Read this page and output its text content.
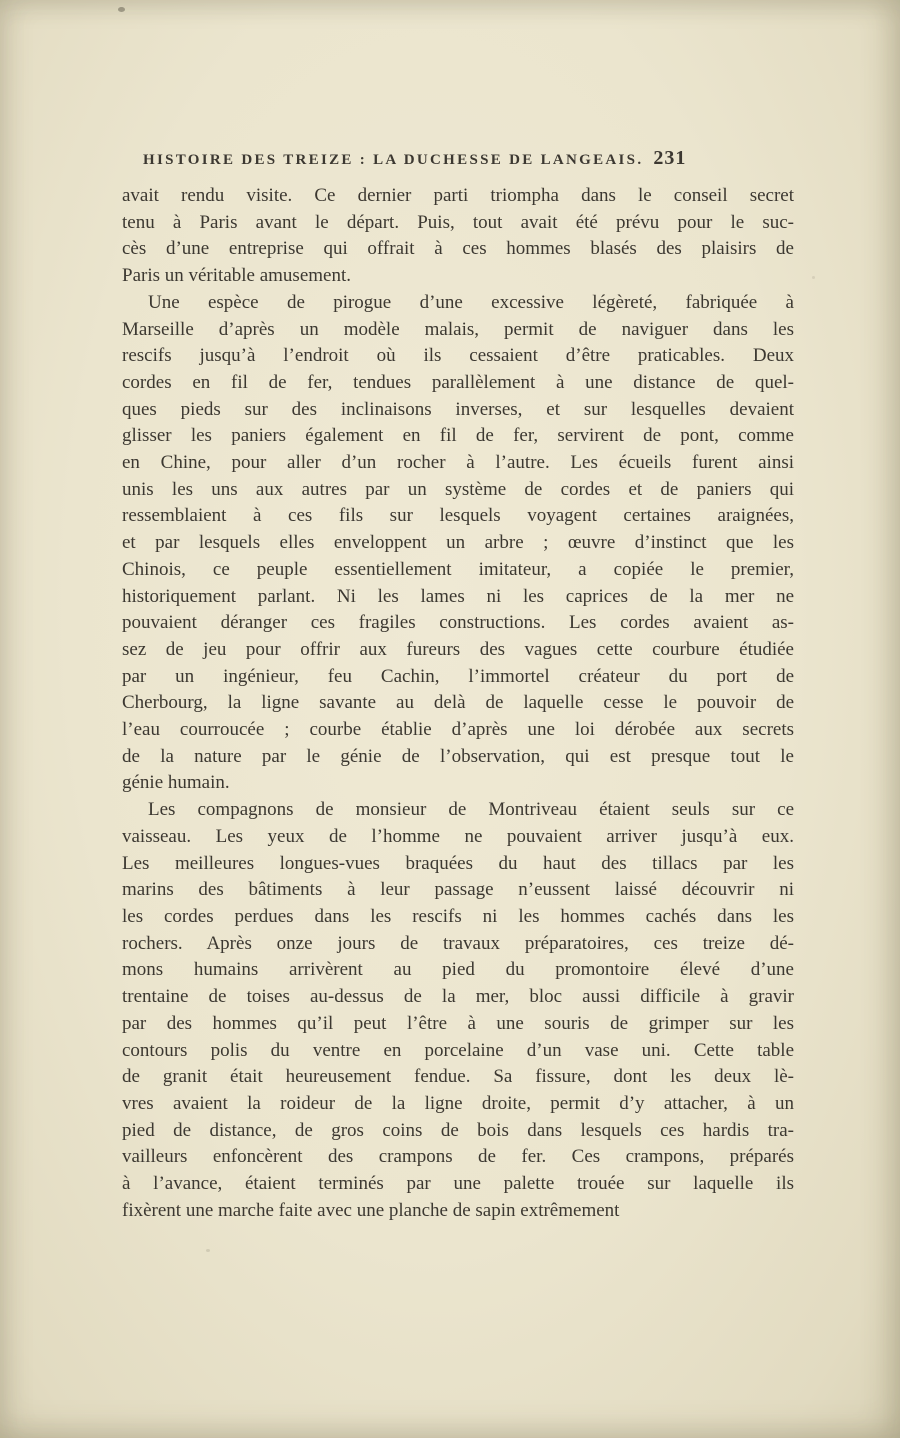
HISTOIRE DES TREIZE : LA DUCHESSE DE LANGEAIS. 231
avait rendu visite. Ce dernier parti triompha dans le conseil secret
tenu à Paris avant le départ. Puis, tout avait été prévu pour le suc-
cès d’une entreprise qui offrait à ces hommes blasés des plaisirs de
Paris un véritable amusement.
Une espèce de pirogue d’une excessive légèreté, fabriquée à
Marseille d’après un modèle malais, permit de naviguer dans les
rescifs jusqu’à l’endroit où ils cessaient d’être praticables. Deux
cordes en fil de fer, tendues parallèlement à une distance de quel-
ques pieds sur des inclinaisons inverses, et sur lesquelles devaient
glisser les paniers également en fil de fer, servirent de pont, comme
en Chine, pour aller d’un rocher à l’autre. Les écueils furent ainsi
unis les uns aux autres par un système de cordes et de paniers qui
ressemblaient à ces fils sur lesquels voyagent certaines araignées,
et par lesquels elles enveloppent un arbre ; œuvre d’instinct que les
Chinois, ce peuple essentiellement imitateur, a copiée le premier,
historiquement parlant. Ni les lames ni les caprices de la mer ne
pouvaient déranger ces fragiles constructions. Les cordes avaient as-
sez de jeu pour offrir aux fureurs des vagues cette courbure étudiée
par un ingénieur, feu Cachin, l’immortel créateur du port de
Cherbourg, la ligne savante au delà de laquelle cesse le pouvoir de
l’eau courroucée ; courbe établie d’après une loi dérobée aux secrets
de la nature par le génie de l’observation, qui est presque tout le
génie humain.
Les compagnons de monsieur de Montriveau étaient seuls sur ce
vaisseau. Les yeux de l’homme ne pouvaient arriver jusqu’à eux.
Les meilleures longues-vues braquées du haut des tillacs par les
marins des bâtiments à leur passage n’eussent laissé découvrir ni
les cordes perdues dans les rescifs ni les hommes cachés dans les
rochers. Après onze jours de travaux préparatoires, ces treize dé-
mons humains arrivèrent au pied du promontoire élevé d’une
trentaine de toises au-dessus de la mer, bloc aussi difficile à gravir
par des hommes qu’il peut l’être à une souris de grimper sur les
contours polis du ventre en porcelaine d’un vase uni. Cette table
de granit était heureusement fendue. Sa fissure, dont les deux lè-
vres avaient la roideur de la ligne droite, permit d’y attacher, à un
pied de distance, de gros coins de bois dans lesquels ces hardis tra-
vailleurs enfoncèrent des crampons de fer. Ces crampons, préparés
à l’avance, étaient terminés par une palette trouée sur laquelle ils
fixèrent une marche faite avec une planche de sapin extrêmement
